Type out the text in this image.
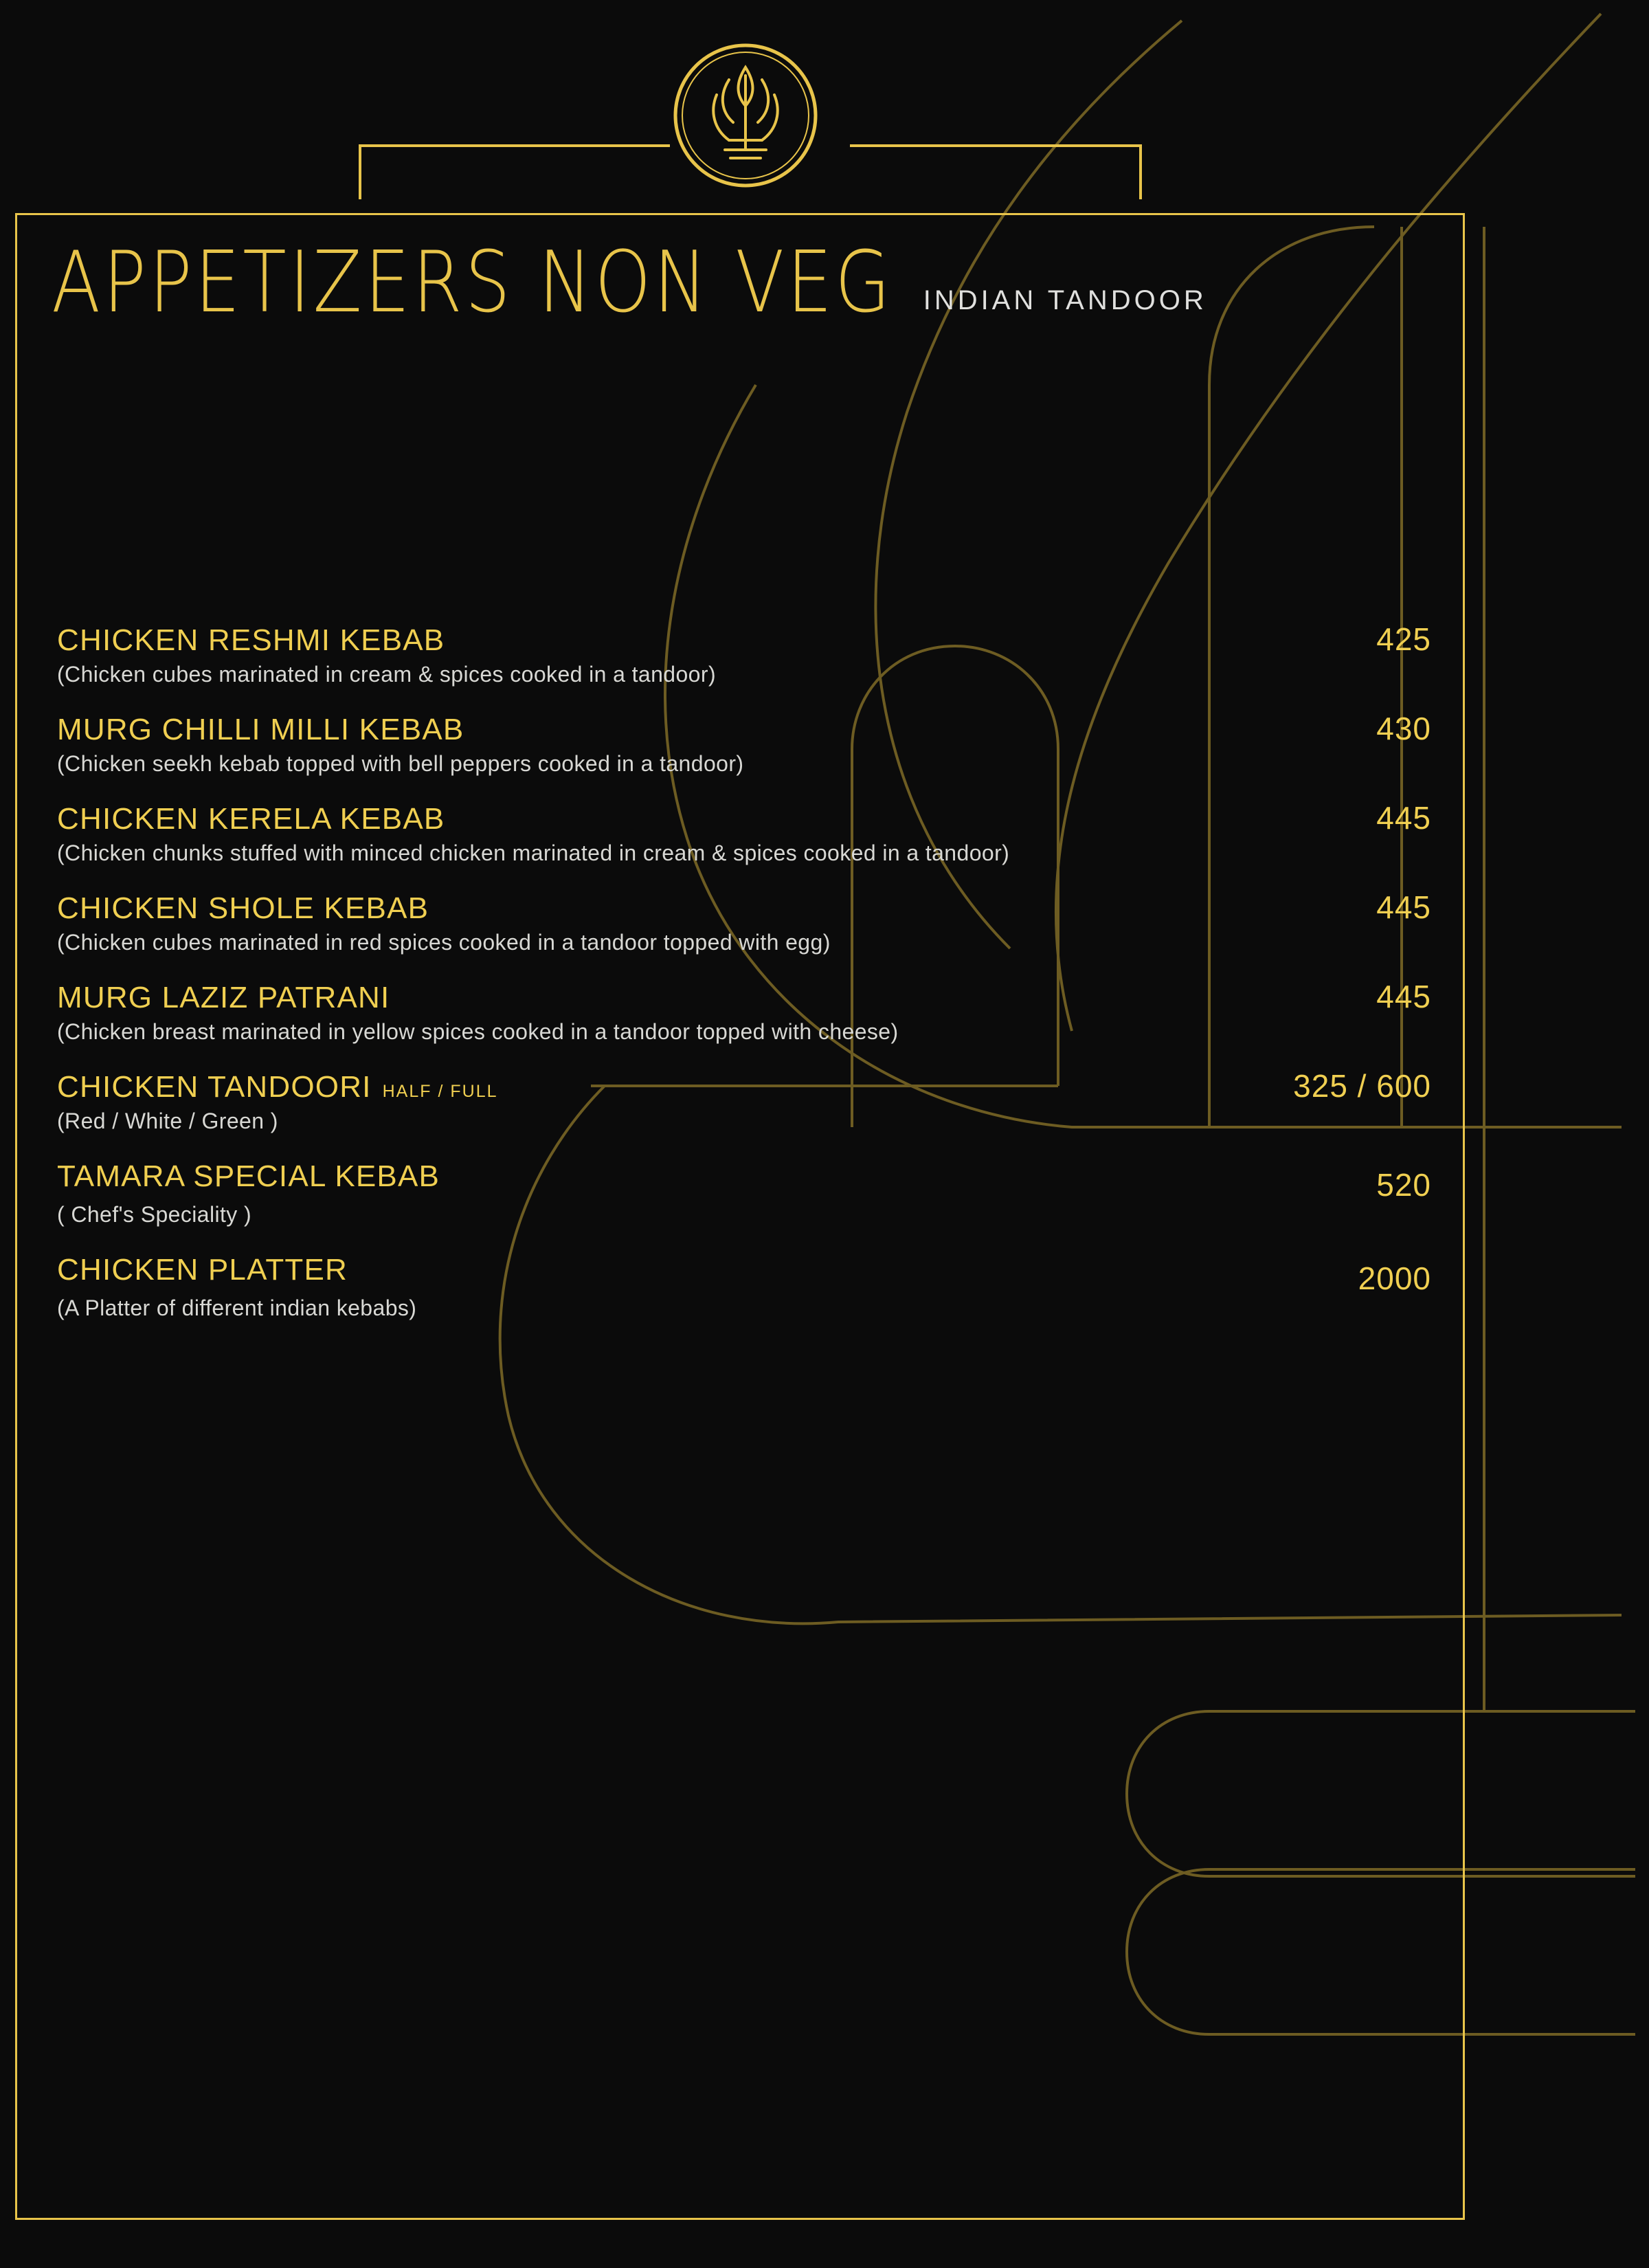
APPETIZERS NON VEG INDIAN TANDOOR
CHICKEN RESHMI KEBAB	425
(Chicken cubes marinated in cream & spices cooked in a tandoor)
MURG CHILLI MILLI KEBAB	430
(Chicken seekh kebab topped with bell peppers cooked in a tandoor)
CHICKEN KERELA KEBAB	445
(Chicken chunks stuffed with minced chicken marinated in cream & spices cooked in a tandoor)
CHICKEN SHOLE KEBAB	445
(Chicken cubes marinated in red spices cooked in a tandoor topped with egg)
MURG LAZIZ PATRANI	445
(Chicken breast marinated in yellow spices cooked in a tandoor topped with cheese)
CHICKEN TANDOORI HALF / FULL	325 / 600
(Red / White / Green )
TAMARA SPECIAL KEBAB	520
( Chef's Speciality )
CHICKEN PLATTER	2000
(A Platter of different indian kebabs)
